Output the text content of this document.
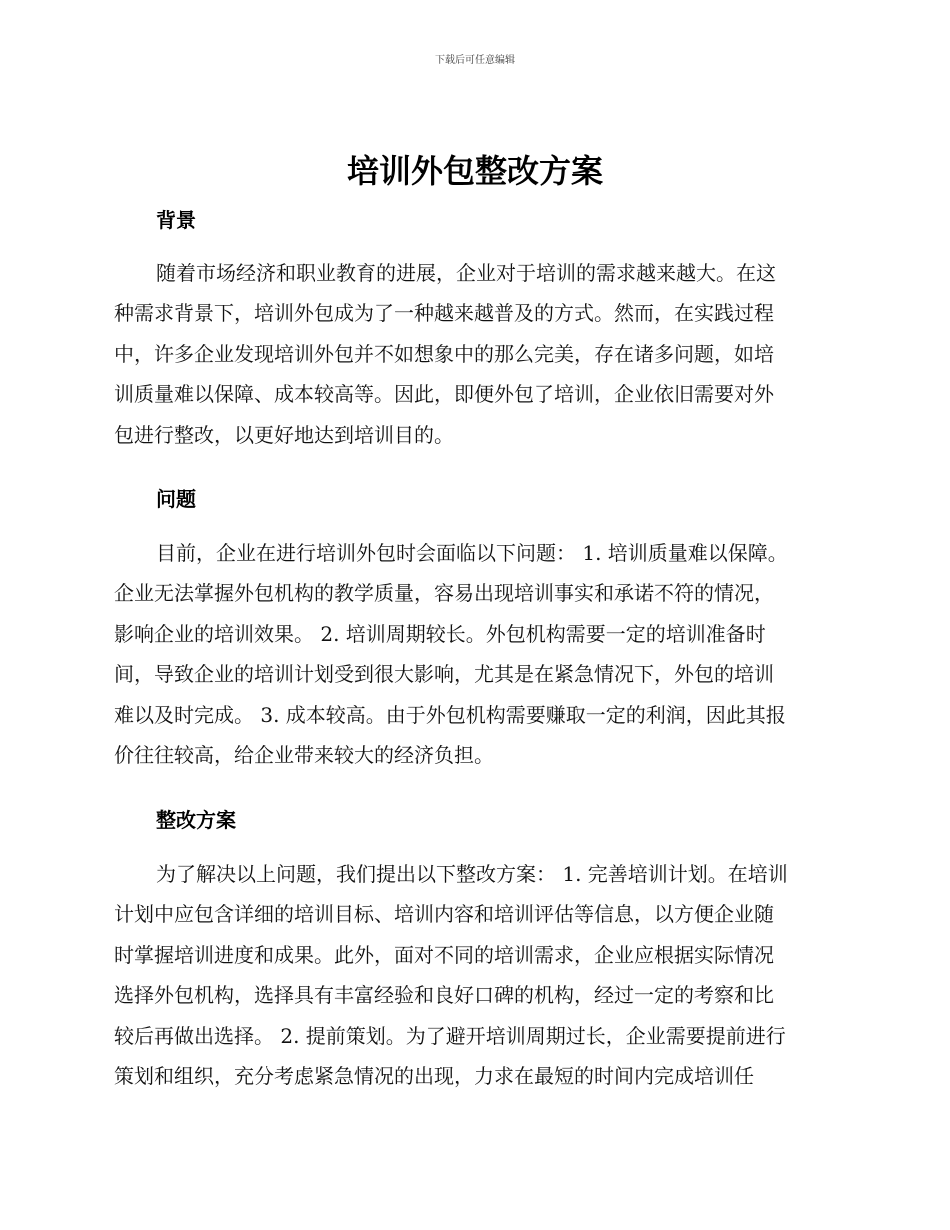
下载后可任意编辑
培训外包整改方案
背景
随着市场经济和职业教育的进展，企业对于培训的需求越来越大。在这
种需求背景下，培训外包成为了一种越来越普及的方式。然而，在实践过程
中，许多企业发现培训外包并不如想象中的那么完美，存在诸多问题，如培
训质量难以保障、成本较高等。因此，即便外包了培训，企业依旧需要对外
包进行整改，以更好地达到培训目的。
问题
目前，企业在进行培训外包时会面临以下问题： 1. 培训质量难以保障。
企业无法掌握外包机构的教学质量，容易出现培训事实和承诺不符的情况，
影响企业的培训效果。 2. 培训周期较长。外包机构需要一定的培训准备时
间，导致企业的培训计划受到很大影响，尤其是在紧急情况下，外包的培训
难以及时完成。 3. 成本较高。由于外包机构需要赚取一定的利润，因此其报
价往往较高，给企业带来较大的经济负担。
整改方案
为了解决以上问题，我们提出以下整改方案： 1. 完善培训计划。在培训
计划中应包含详细的培训目标、培训内容和培训评估等信息，以方便企业随
时掌握培训进度和成果。此外，面对不同的培训需求，企业应根据实际情况
选择外包机构，选择具有丰富经验和良好口碑的机构，经过一定的考察和比
较后再做出选择。 2. 提前策划。为了避开培训周期过长，企业需要提前进行
策划和组织，充分考虑紧急情况的出现，力求在最短的时间内完成培训任
